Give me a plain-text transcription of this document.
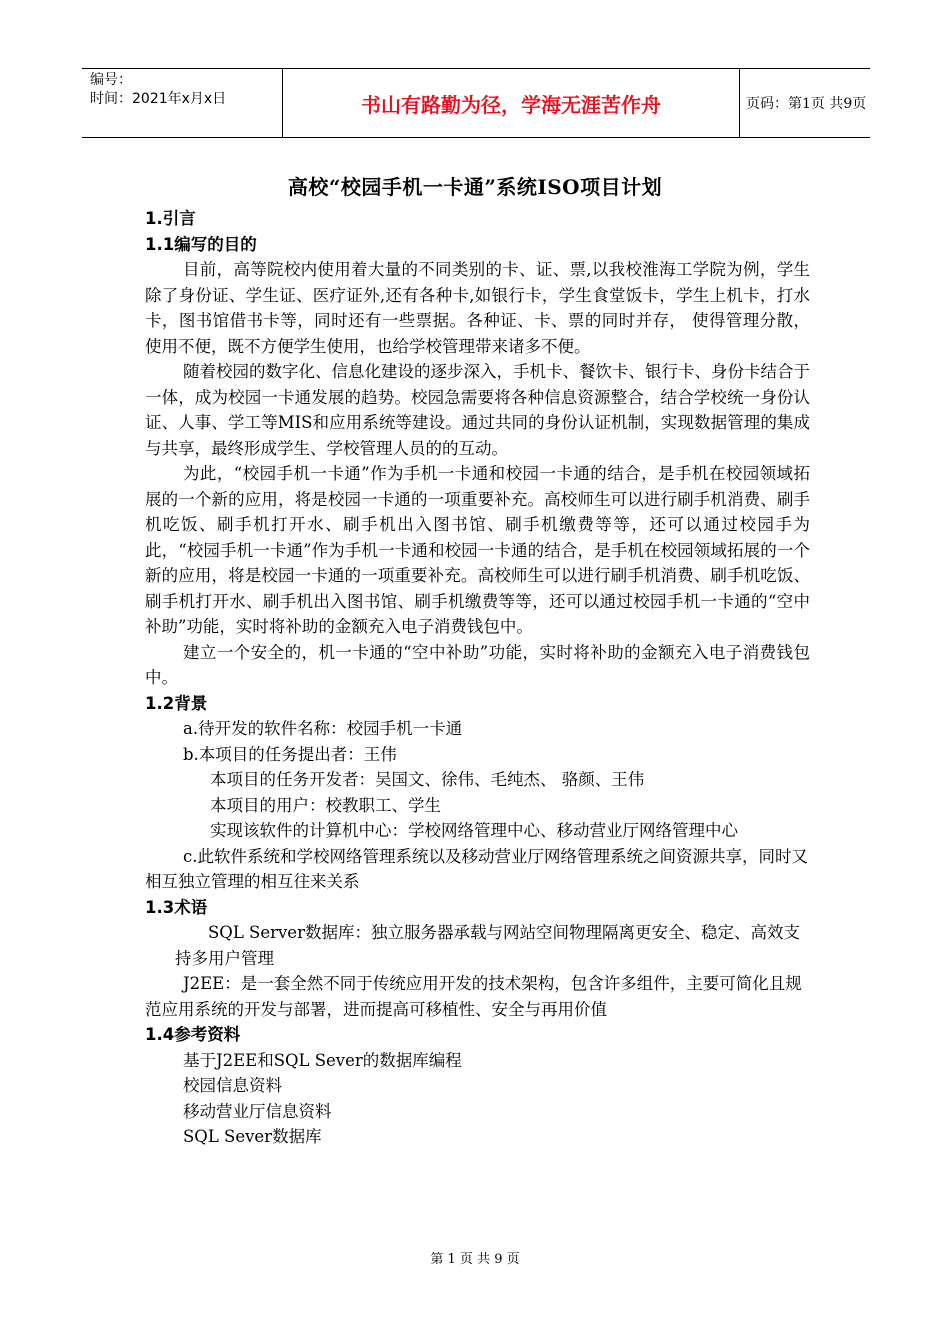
编号：
时间：2021年x月x日	书山有路勤为径，学海无涯苦作舟	页码：第1页 共9页
高校“校园手机一卡通”系统ISO项目计划

1.引言

1.1编写的目的

目前，高等院校内使用着大量的不同类别的卡、证、票,以我校淮海工学院为例，学生除了身份证、学生证、医疗证外,还有各种卡,如银行卡，学生食堂饭卡，学生上机卡，打水卡，图书馆借书卡等，同时还有一些票据。各种证、卡、票的同时并存， 使得管理分散， 使用不便，既不方便学生使用，也给学校管理带来诸多不便。

随着校园的数字化、信息化建设的逐步深入，手机卡、餐饮卡、银行卡、身份卡结合于一体，成为校园一卡通发展的趋势。校园急需要将各种信息资源整合，结合学校统一身份认证、人事、学工等MIS和应用系统等建设。通过共同的身份认证机制，实现数据管理的集成与共享，最终形成学生、学校管理人员的的互动。

为此，“校园手机一卡通”作为手机一卡通和校园一卡通的结合，是手机在校园领域拓展的一个新的应用，将是校园一卡通的一项重要补充。高校师生可以进行刷手机消费、刷手机吃饭、刷手机打开水、刷手机出入图书馆、刷手机缴费等等，还可以通过校园手为此，“校园手机一卡通”作为手机一卡通和校园一卡通的结合，是手机在校园领域拓展的一个新的应用，将是校园一卡通的一项重要补充。高校师生可以进行刷手机消费、刷手机吃饭、刷手机打开水、刷手机出入图书馆、刷手机缴费等等，还可以通过校园手机一卡通的“空中补助”功能，实时将补助的金额充入电子消费钱包中。

建立一个安全的，机一卡通的“空中补助”功能，实时将补助的金额充入电子消费钱包中。

1.2背景

a.待开发的软件名称：校园手机一卡通

b.本项目的任务提出者：王伟

本项目的任务开发者：吴国文、徐伟、毛纯杰、 骆颜、王伟

本项目的用户：校教职工、学生

实现该软件的计算机中心：学校网络管理中心、移动营业厅网络管理中心

c.此软件系统和学校网络管理系统以及移动营业厅网络管理系统之间资源共享，同时又相互独立管理的相互往来关系

1.3术语

SQL Server数据库：独立服务器承载与网站空间物理隔离更安全、稳定、高效支持多用户管理

J2EE：是一套全然不同于传统应用开发的技术架构，包含许多组件，主要可简化且规范应用系统的开发与部署，进而提高可移植性、安全与再用价值

1.4参考资料

基于J2EE和SQL Sever的数据库编程

校园信息资料

移动营业厅信息资料

SQL Sever数据库

第 1 页 共 9 页
